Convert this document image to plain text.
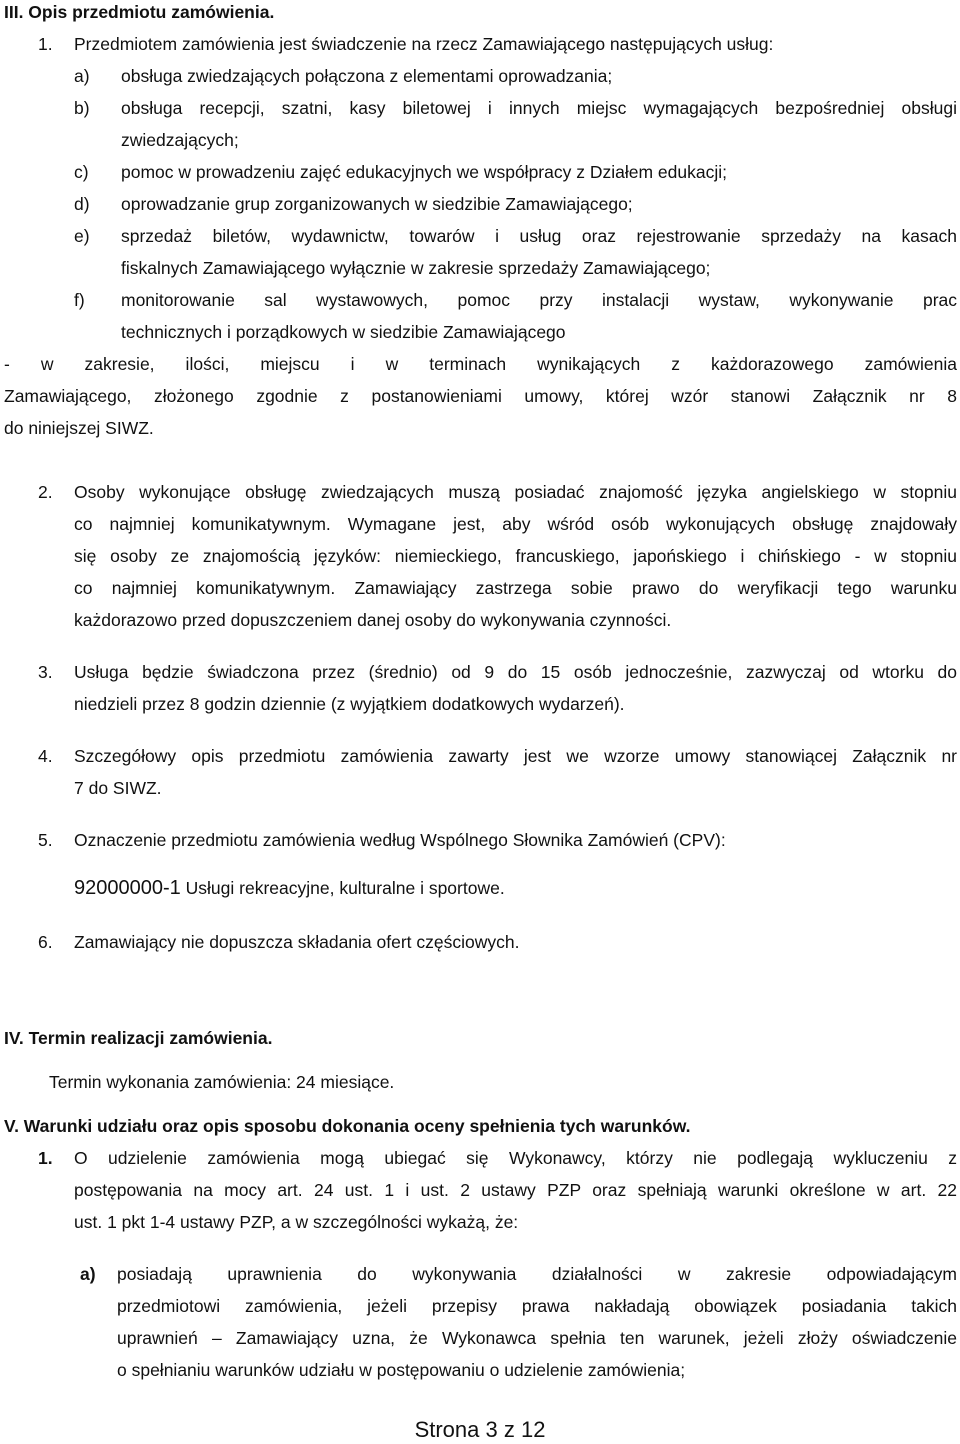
III. Opis przedmiotu zamówienia.
1. Przedmiotem zamówienia jest świadczenie na rzecz Zamawiającego następujących usług:
a) obsługa zwiedzających połączona z elementami oprowadzania;
b) obsługa recepcji, szatni, kasy biletowej i innych miejsc wymagających bezpośredniej obsługi
zwiedzających;
c) pomoc w prowadzeniu zajęć edukacyjnych we współpracy z Działem edukacji;
d) oprowadzanie grup zorganizowanych w siedzibie Zamawiającego;
e) sprzedaż biletów, wydawnictw, towarów i usług oraz rejestrowanie sprzedaży na kasach
fiskalnych Zamawiającego wyłącznie w zakresie sprzedaży Zamawiającego;
f) monitorowanie sal wystawowych, pomoc przy instalacji wystaw, wykonywanie prac
technicznych i porządkowych w siedzibie Zamawiającego
- w zakresie, ilości, miejscu i w terminach wynikających z każdorazowego zamówienia
Zamawiającego, złożonego zgodnie z postanowieniami umowy, której wzór stanowi Załącznik nr 8
do niniejszej SIWZ.
2. Osoby wykonujące obsługę zwiedzających muszą posiadać znajomość języka angielskiego w stopniu
co najmniej komunikatywnym. Wymagane jest, aby wśród osób wykonujących obsługę znajdowały
się osoby ze znajomością języków: niemieckiego, francuskiego, japońskiego i chińskiego - w stopniu
co najmniej komunikatywnym. Zamawiający zastrzega sobie prawo do weryfikacji tego warunku
każdorazowo przed dopuszczeniem danej osoby do wykonywania czynności.
3. Usługa będzie świadczona przez (średnio) od 9 do 15 osób jednocześnie, zazwyczaj od wtorku do
niedzieli przez 8 godzin dziennie (z wyjątkiem dodatkowych wydarzeń).
4. Szczegółowy opis przedmiotu zamówienia zawarty jest we wzorze umowy stanowiącej Załącznik nr
7 do SIWZ.
5. Oznaczenie przedmiotu zamówienia według Wspólnego Słownika Zamówień (CPV):
92000000-1 Usługi rekreacyjne, kulturalne i sportowe.
6. Zamawiający nie dopuszcza składania ofert częściowych.
IV. Termin realizacji zamówienia.
Termin wykonania zamówienia: 24 miesiące.
V. Warunki udziału oraz opis sposobu dokonania oceny spełnienia tych warunków.
1. O udzielenie zamówienia mogą ubiegać się Wykonawcy, którzy nie podlegają wykluczeniu z
postępowania na mocy art. 24 ust. 1 i ust. 2 ustawy PZP oraz spełniają warunki określone w art. 22
ust. 1 pkt 1-4 ustawy PZP, a w szczególności wykażą, że:
a) posiadają uprawnienia do wykonywania działalności w zakresie odpowiadającym
przedmiotowi zamówienia, jeżeli przepisy prawa nakładają obowiązek posiadania takich
uprawnień – Zamawiający uzna, że Wykonawca spełnia ten warunek, jeżeli złoży oświadczenie
o spełnianiu warunków udziału w postępowaniu o udzielenie zamówienia;
Strona 3 z 12
